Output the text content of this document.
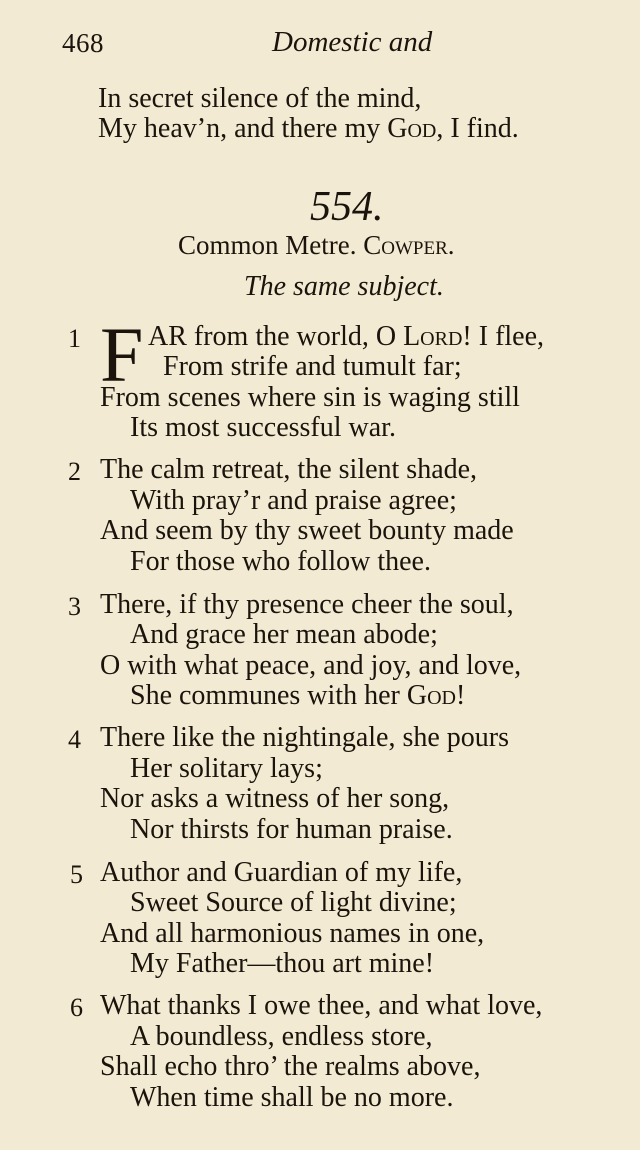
468	Domestic and
In secret silence of the mind,
My heav’n, and there my God, I find.
554.
Common Metre. Cowper.
The same subject.
1 F AR from the world, O Lord! I flee,
From strife and tumult far;
From scenes where sin is waging still
Its most successful war.
2 The calm retreat, the silent shade,
With pray’r and praise agree;
And seem by thy sweet bounty made
For those who follow thee.
3 There, if thy presence cheer the soul,
And grace her mean abode;
O with what peace, and joy, and love,
She communes with her God!
4 There like the nightingale, she pours
Her solitary lays;
Nor asks a witness of her song,
Nor thirsts for human praise.
5 Author and Guardian of my life,
Sweet Source of light divine;
And all harmonious names in one,
My Father—thou art mine!
6 What thanks I owe thee, and what love,
A boundless, endless store,
Shall echo thro’ the realms above,
When time shall be no more.
